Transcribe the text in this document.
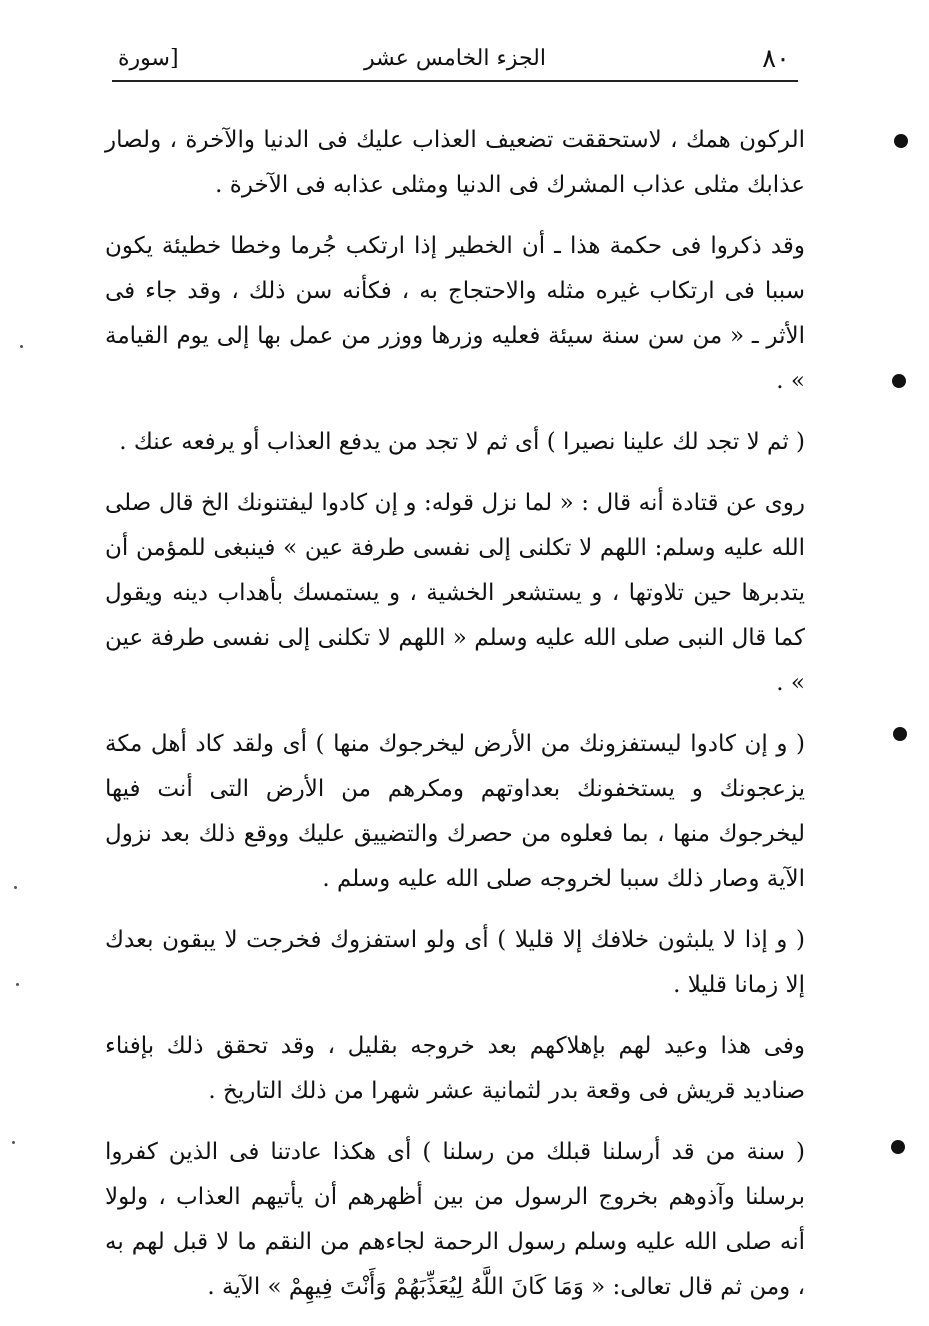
٨٠
الجزء الخامس عشر
[سورة

الركون همك ، لاستحققت تضعيف العذاب عليك فى الدنيا والآخرة ، ولصار عذابك مثلى عذاب المشرك فى الدنيا ومثلى عذابه فى الآخرة .

وقد ذكروا فى حكمة هذا ـ أن الخطير إذا ارتكب جُرما وخطا خطيئة يكون سببا فى ارتكاب غيره مثله والاحتجاج به ، فكأنه سن ذلك ، وقد جاء فى الأثر ـ « من سن سنة سيئة فعليه وزرها ووزر من عمل بها إلى يوم القيامة » .

( ثم لا تجد لك علينا نصيرا ) أى ثم لا تجد من يدفع العذاب أو يرفعه عنك .

روى عن قتادة أنه قال : « لما نزل قوله: و إن كادوا ليفتنونك الخ قال صلى الله عليه وسلم: اللهم لا تكلنى إلى نفسى طرفة عين » فينبغى للمؤمن أن يتدبرها حين تلاوتها ، و يستشعر الخشية ، و يستمسك بأهداب دينه ويقول كما قال النبى صلى الله عليه وسلم « اللهم لا تكلنى إلى نفسى طرفة عين » .

( و إن كادوا ليستفزونك من الأرض ليخرجوك منها ) أى ولقد كاد أهل مكة يزعجونك و يستخفونك بعداوتهم ومكرهم من الأرض التى أنت فيها ليخرجوك منها ، بما فعلوه من حصرك والتضييق عليك ووقع ذلك بعد نزول الآية وصار ذلك سببا لخروجه صلى الله عليه وسلم .

( و إذا لا يلبثون خلافك إلا قليلا ) أى ولو استفزوك فخرجت لا يبقون بعدك إلا زمانا قليلا .

وفى هذا وعيد لهم بإهلاكهم بعد خروجه بقليل ، وقد تحقق ذلك بإفناء صناديد قريش فى وقعة بدر لثمانية عشر شهرا من ذلك التاريخ .

( سنة من قد أرسلنا قبلك من رسلنا ) أى هكذا عادتنا فى الذين كفروا برسلنا وآذوهم بخروج الرسول من بين أظهرهم أن يأتيهم العذاب ، ولولا أنه صلى الله عليه وسلم رسول الرحمة لجاءهم من النقم ما لا قبل لهم به ، ومن ثم قال تعالى: « وَمَا كَانَ اللَّهُ لِيُعَذِّبَهُمْ وَأَنْتَ فِيهِمْ » الآية .
